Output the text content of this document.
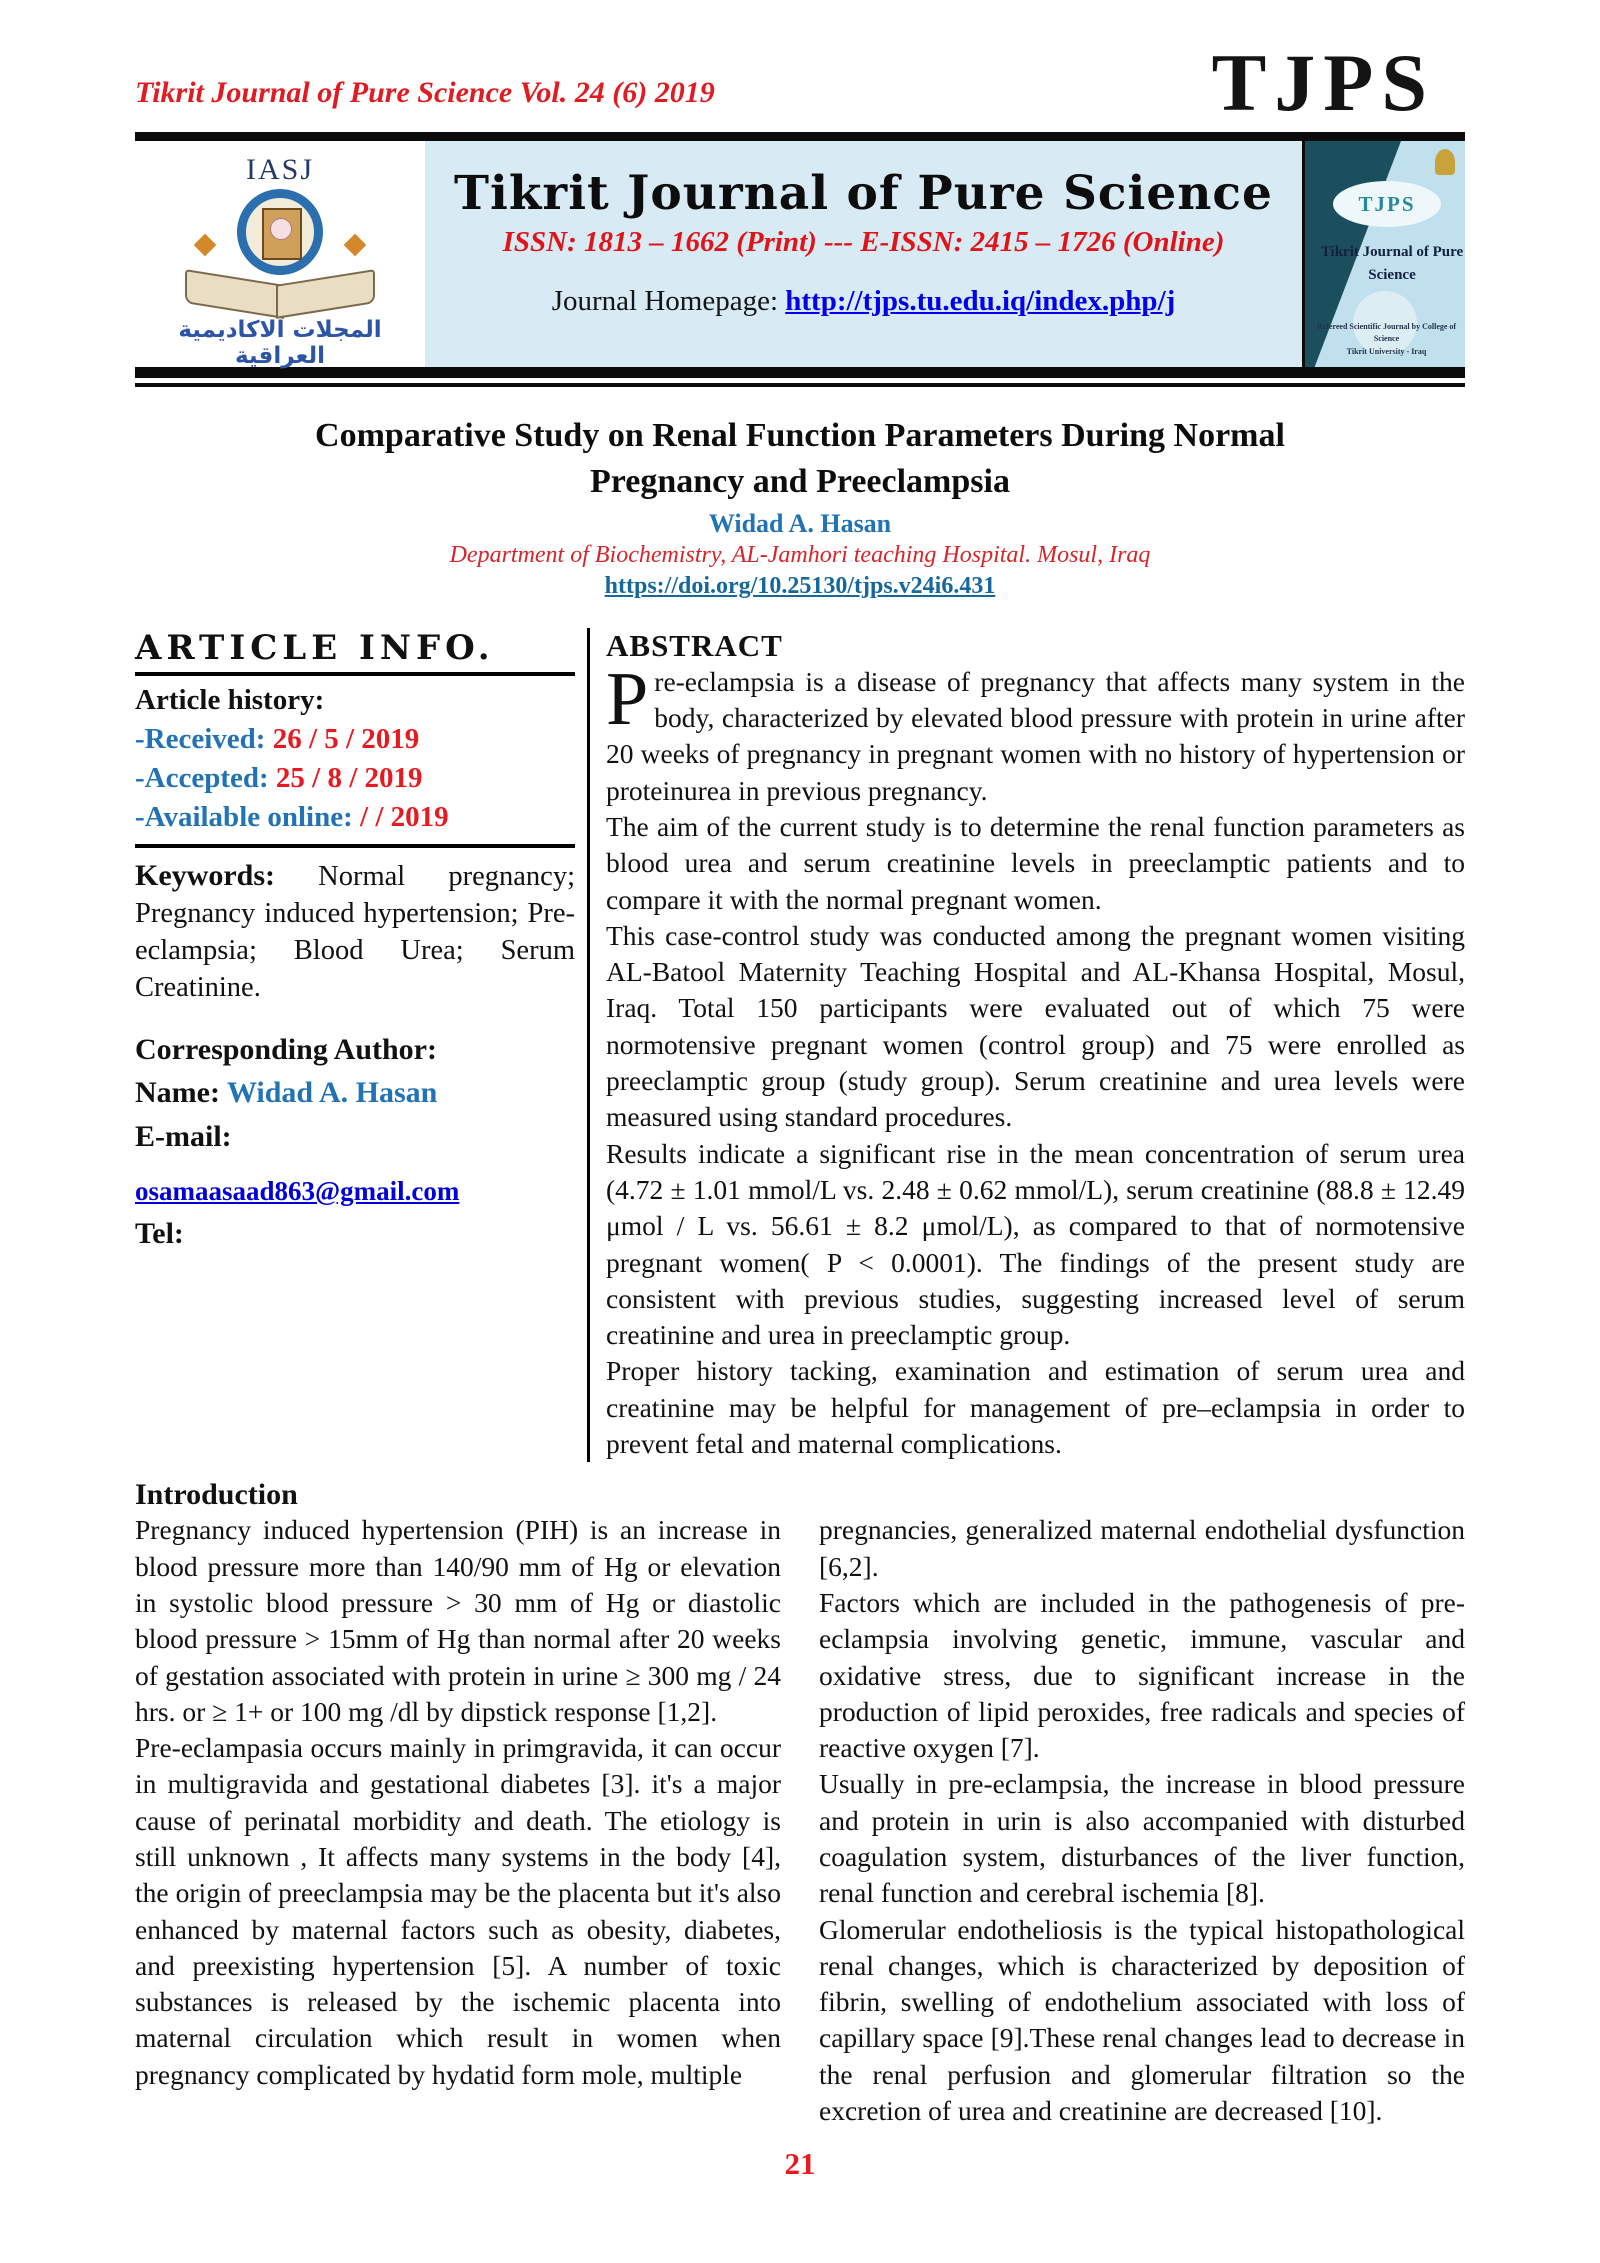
Tikrit Journal of Pure Science Vol. 24 (6) 2019	TJPS
IASJ
المجلات الاكاديمية العراقية
Tikrit Journal of Pure Science
ISSN: 1813 – 1662 (Print) --- E-ISSN: 2415 – 1726 (Online)
Journal Homepage: http://tjps.tu.edu.iq/index.php/j
TJPS
Tikrit Journal of Pure Science
Refereed Scientific Journal by College of Science
Tikrit University - Iraq
Comparative Study on Renal Function Parameters During Normal
Pregnancy and Preeclampsia
Widad A. Hasan
Department of Biochemistry, AL-Jamhori teaching Hospital. Mosul, Iraq
https://doi.org/10.25130/tjps.v24i6.431
ARTICLE INFO.
Article history:
-Received: 26 / 5 / 2019
-Accepted: 25 / 8 / 2019
-Available online: / / 2019

Keywords: Normal pregnancy; Pregnancy induced hypertension; Pre-eclampsia; Blood Urea; Serum Creatinine.

Corresponding Author:
Name: Widad A. Hasan
E-mail:
osamaasaad863@gmail.com
Tel:
ABSTRACT

Pre-eclampsia is a disease of pregnancy that affects many system in the body, characterized by elevated blood pressure with protein in urine after 20 weeks of pregnancy in pregnant women with no history of hypertension or proteinurea in previous pregnancy.

The aim of the current study is to determine the renal function parameters as blood urea and serum creatinine levels in preeclamptic patients and to compare it with the normal pregnant women.

This case-control study was conducted among the pregnant women visiting AL-Batool Maternity Teaching Hospital and AL-Khansa Hospital, Mosul, Iraq. Total 150 participants were evaluated out of which 75 were normotensive pregnant women (control group) and 75 were enrolled as preeclamptic group (study group). Serum creatinine and urea levels were measured using standard procedures.

Results indicate a significant rise in the mean concentration of serum urea (4.72 ± 1.01 mmol/L vs. 2.48 ± 0.62 mmol/L), serum creatinine (88.8 ± 12.49 μmol / L vs. 56.61 ± 8.2 μmol/L), as compared to that of normotensive pregnant women( P < 0.0001). The findings of the present study are consistent with previous studies, suggesting increased level of serum creatinine and urea in preeclamptic group.

Proper history tacking, examination and estimation of serum urea and creatinine may be helpful for management of pre–eclampsia in order to prevent fetal and maternal complications.

Introduction

Pregnancy induced hypertension (PIH) is an increase in blood pressure more than 140/90 mm of Hg or elevation in systolic blood pressure > 30 mm of Hg or diastolic blood pressure > 15mm of Hg than normal after 20 weeks of gestation associated with protein in urine ≥ 300 mg / 24 hrs. or ≥ 1+ or 100 mg /dl by dipstick response [1,2].

Pre-eclampasia occurs mainly in primgravida, it can occur in multigravida and gestational diabetes [3]. it's a major cause of perinatal morbidity and death. The etiology is still unknown , It affects many systems in the body [4], the origin of preeclampsia may be the placenta but it's also enhanced by maternal factors such as obesity, diabetes, and preexisting hypertension [5]. A number of toxic substances is released by the ischemic placenta into maternal circulation which result in women when pregnancy complicated by hydatid form mole, multiple

pregnancies, generalized maternal endothelial dysfunction [6,2].

Factors which are included in the pathogenesis of pre-eclampsia involving genetic, immune, vascular and oxidative stress, due to significant increase in the production of lipid peroxides, free radicals and species of reactive oxygen [7].

Usually in pre-eclampsia, the increase in blood pressure and protein in urin is also accompanied with disturbed coagulation system, disturbances of the liver function, renal function and cerebral ischemia [8].

Glomerular endotheliosis is the typical histopathological renal changes, which is characterized by deposition of fibrin, swelling of endothelium associated with loss of capillary space [9].These renal changes lead to decrease in the renal perfusion and glomerular filtration so the excretion of urea and creatinine are decreased [10].

21
